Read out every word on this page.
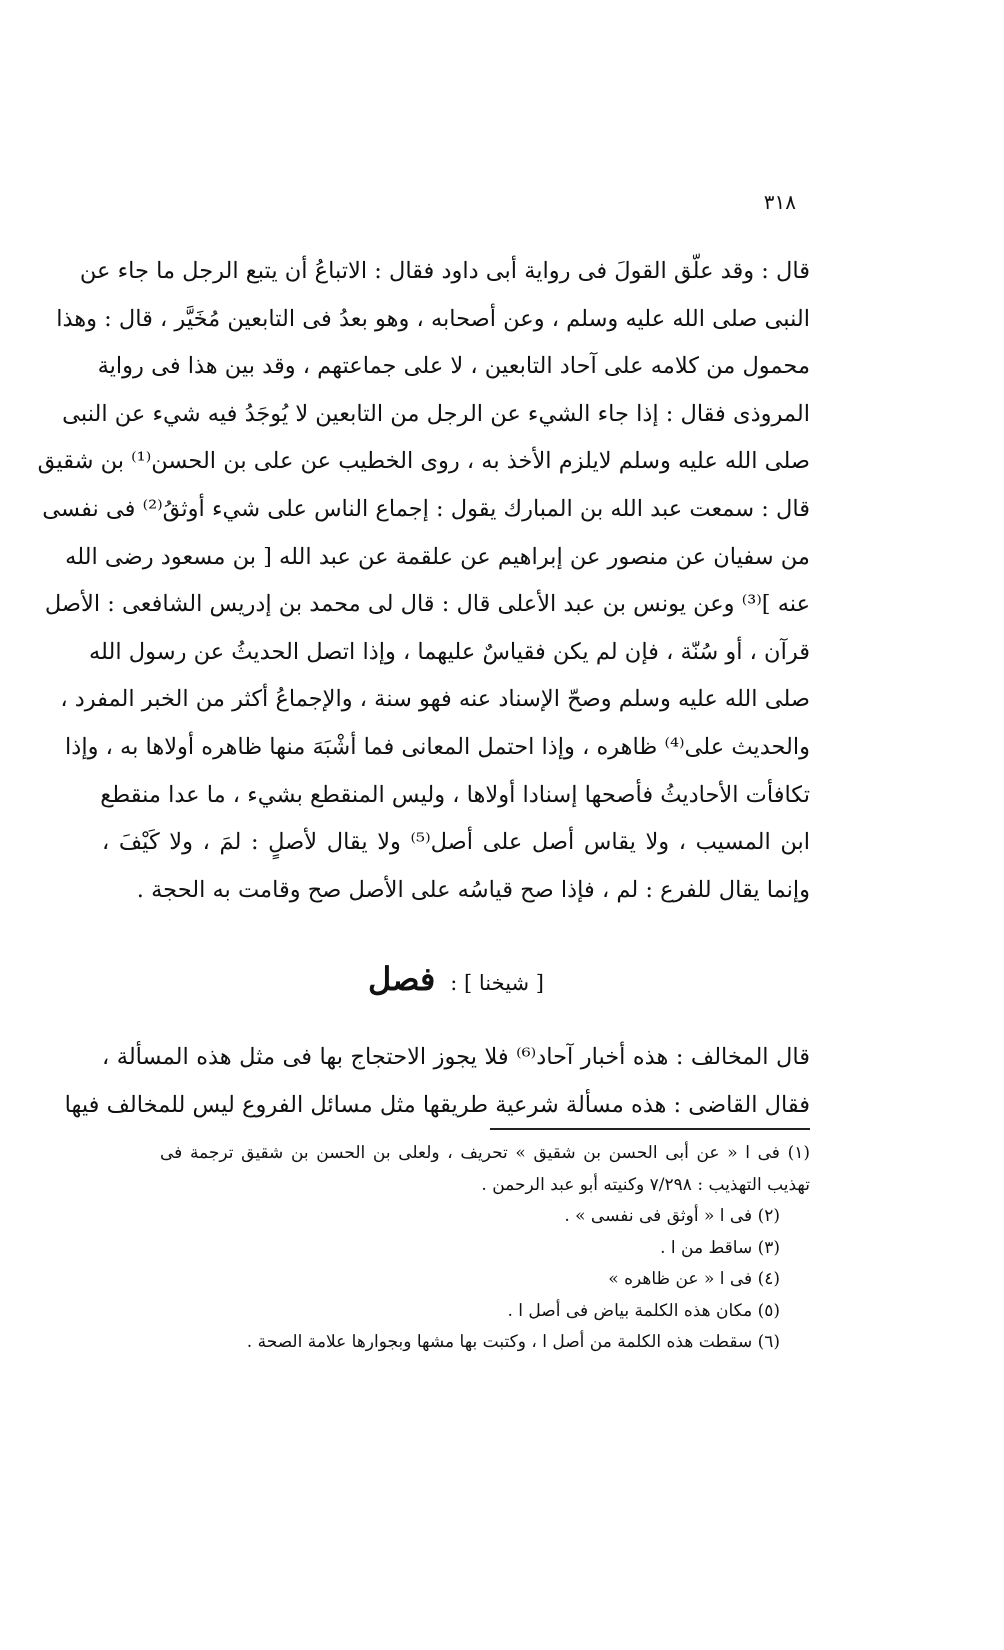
٣١٨
قال : وقد علّق القولَ فى رواية أبى داود فقال : الاتباعُ أن يتبع الرجل ما جاء عن
النبى صلى الله عليه وسلم ، وعن أصحابه ، وهو بعدُ فى التابعين مُخَيَّر ، قال : وهذا
محمول من كلامه على آحاد التابعين ، لا على جماعتهم ، وقد بين هذا فى رواية
المروذى فقال : إذا جاء الشيء عن الرجل من التابعين لا يُوجَدُ فيه شيء عن النبى
صلى الله عليه وسلم لايلزم الأخذ به ، روى الخطيب عن على بن الحسن⁽¹⁾ بن شقيق
قال : سمعت عبد الله بن المبارك يقول : إجماع الناس على شيء أوثقُ⁽²⁾ فى نفسى
من سفيان عن منصور عن إبراهيم عن علقمة عن عبد الله [ بن مسعود رضى الله
عنه ]⁽³⁾ وعن يونس بن عبد الأعلى قال : قال لى محمد بن إدريس الشافعى : الأصل
قرآن ، أو سُنّة ، فإن لم يكن فقياسٌ عليهما ، وإذا اتصل الحديثُ عن رسول الله
صلى الله عليه وسلم وصحّ الإسناد عنه فهو سنة ، والإجماعُ أكثر من الخبر المفرد ،
والحديث على⁽⁴⁾ ظاهره ، وإذا احتمل المعانى فما أشْبَهَ منها ظاهره أولاها به ، وإذا
تكافأت الأحاديثُ فأصحها إسنادا أولاها ، وليس المنقطع بشيء ، ما عدا منقطع
ابن المسيب ، ولا يقاس أصل على أصل⁽⁵⁾ ولا يقال لأصلٍ : لمَ ، ولا كَيْفَ ،
وإنما يقال للفرع : لم ، فإذا صح قياسُه على الأصل صح وقامت به الحجة .
[ شيخنا ] : فصل
قال المخالف : هذه أخبار آحاد⁽⁶⁾ فلا يجوز الاحتجاج بها فى مثل هذه المسألة ،
فقال القاضى : هذه مسألة شرعية طريقها مثل مسائل الفروع ليس للمخالف فيها
(١) فى ا « عن أبى الحسن بن شقيق » تحريف ، ولعلى بن الحسن بن شقيق ترجمة فى
تهذيب التهذيب : ٧/٢٩٨ وكنيته أبو عبد الرحمن .
(٢) فى ا « أوثق فى نفسى » .
(٣) ساقط من ا .
(٤) فى ا « عن ظاهره »
(٥) مكان هذه الكلمة بياض فى أصل ا .
(٦) سقطت هذه الكلمة من أصل ا ، وكتبت بها مشها وبجوارها علامة الصحة .
